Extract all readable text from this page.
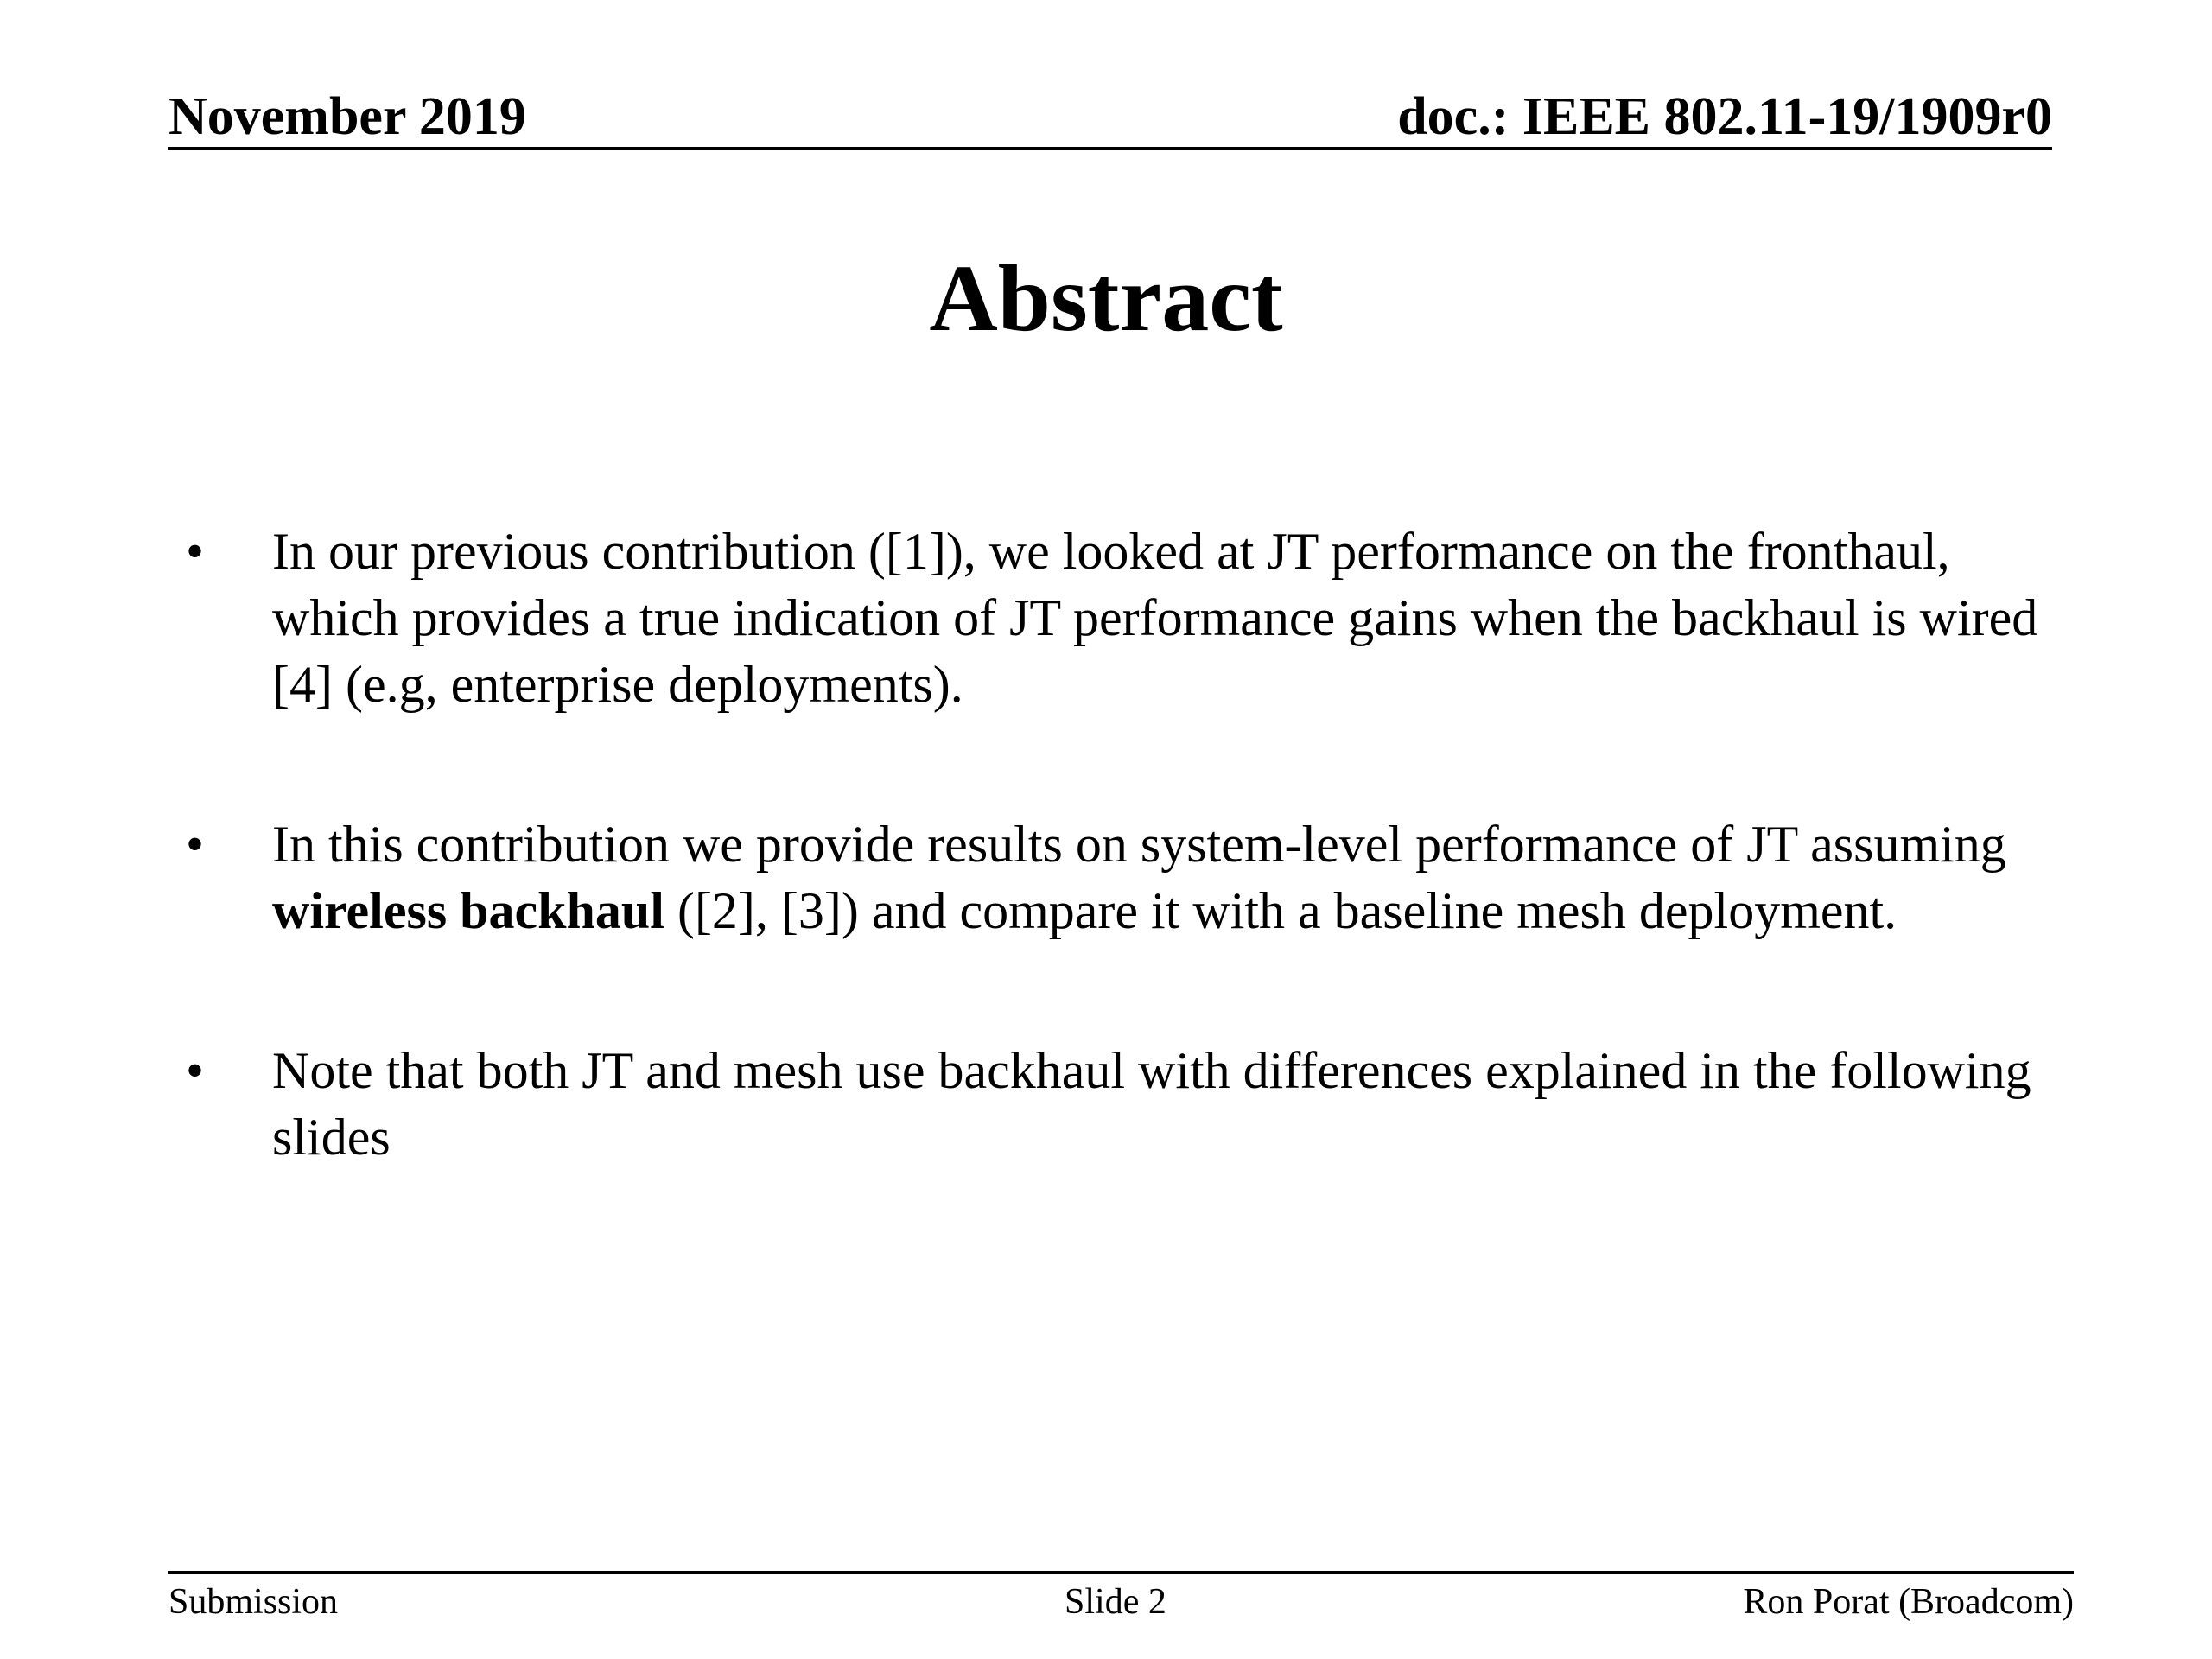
November 2019	doc.: IEEE 802.11-19/1909r0
Abstract
• In our previous contribution ([1]), we looked at JT performance on the fronthaul, which provides a true indication of JT performance gains when the backhaul is wired [4] (e.g, enterprise deployments).
• In this contribution we provide results on system-level performance of JT assuming wireless backhaul ([2], [3]) and compare it with a baseline mesh deployment.
• Note that both JT and mesh use backhaul with differences explained in the following slides
Submission	Slide 2	Ron Porat (Broadcom)
